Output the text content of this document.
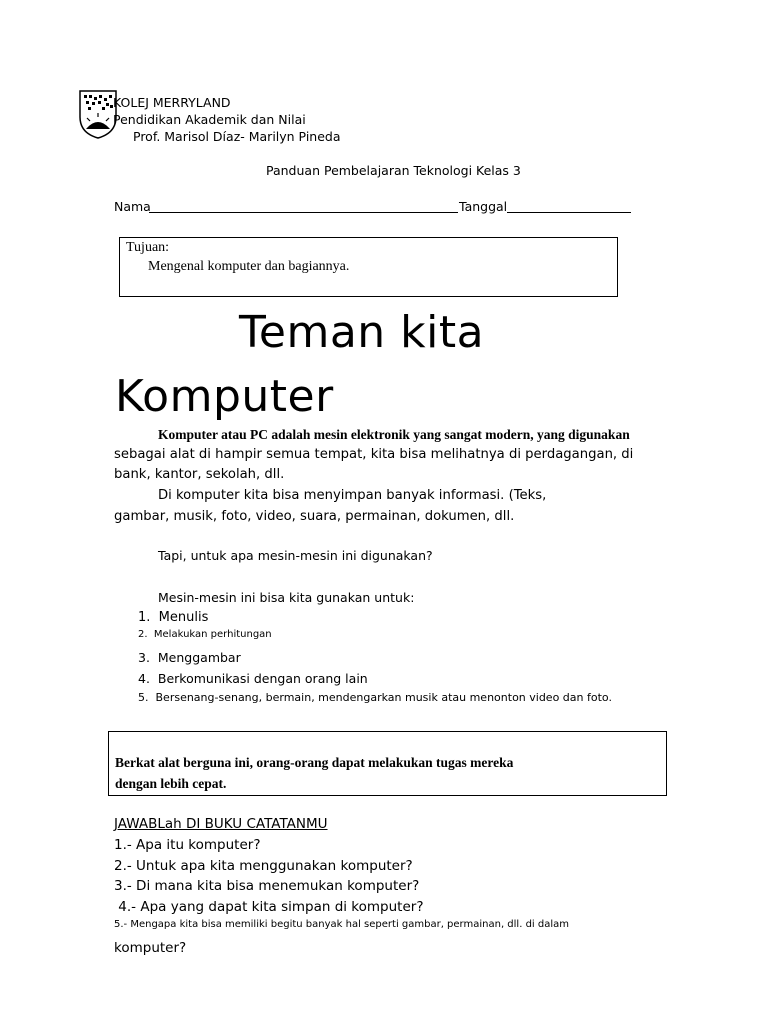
KOLEJ MERRYLAND
Pendidikan Akademik dan Nilai
Prof. Marisol Díaz- Marilyn Pineda
Panduan Pembelajaran Teknologi Kelas 3
Nama	Tanggal
Tujuan:
Mengenal komputer dan bagiannya.
Teman kita
Komputer
Komputer atau PC adalah mesin elektronik yang sangat modern, yang digunakan
sebagai alat di hampir semua tempat, kita bisa melihatnya di perdagangan, di
bank, kantor, sekolah, dll.
Di komputer kita bisa menyimpan banyak informasi. (Teks,
gambar, musik, foto, video, suara, permainan, dokumen, dll.
Tapi, untuk apa mesin-mesin ini digunakan?
Mesin-mesin ini bisa kita gunakan untuk:
1. Menulis
2. Melakukan perhitungan
3. Menggambar
4. Berkomunikasi dengan orang lain
5. Bersenang-senang, bermain, mendengarkan musik atau menonton video dan foto.
Berkat alat berguna ini, orang-orang dapat melakukan tugas mereka
dengan lebih cepat.
JAWABLah DI BUKU CATATANMU
1.- Apa itu komputer?
2.- Untuk apa kita menggunakan komputer?
3.- Di mana kita bisa menemukan komputer?
4.- Apa yang dapat kita simpan di komputer?
5.- Mengapa kita bisa memiliki begitu banyak hal seperti gambar, permainan, dll. di dalam
komputer?
